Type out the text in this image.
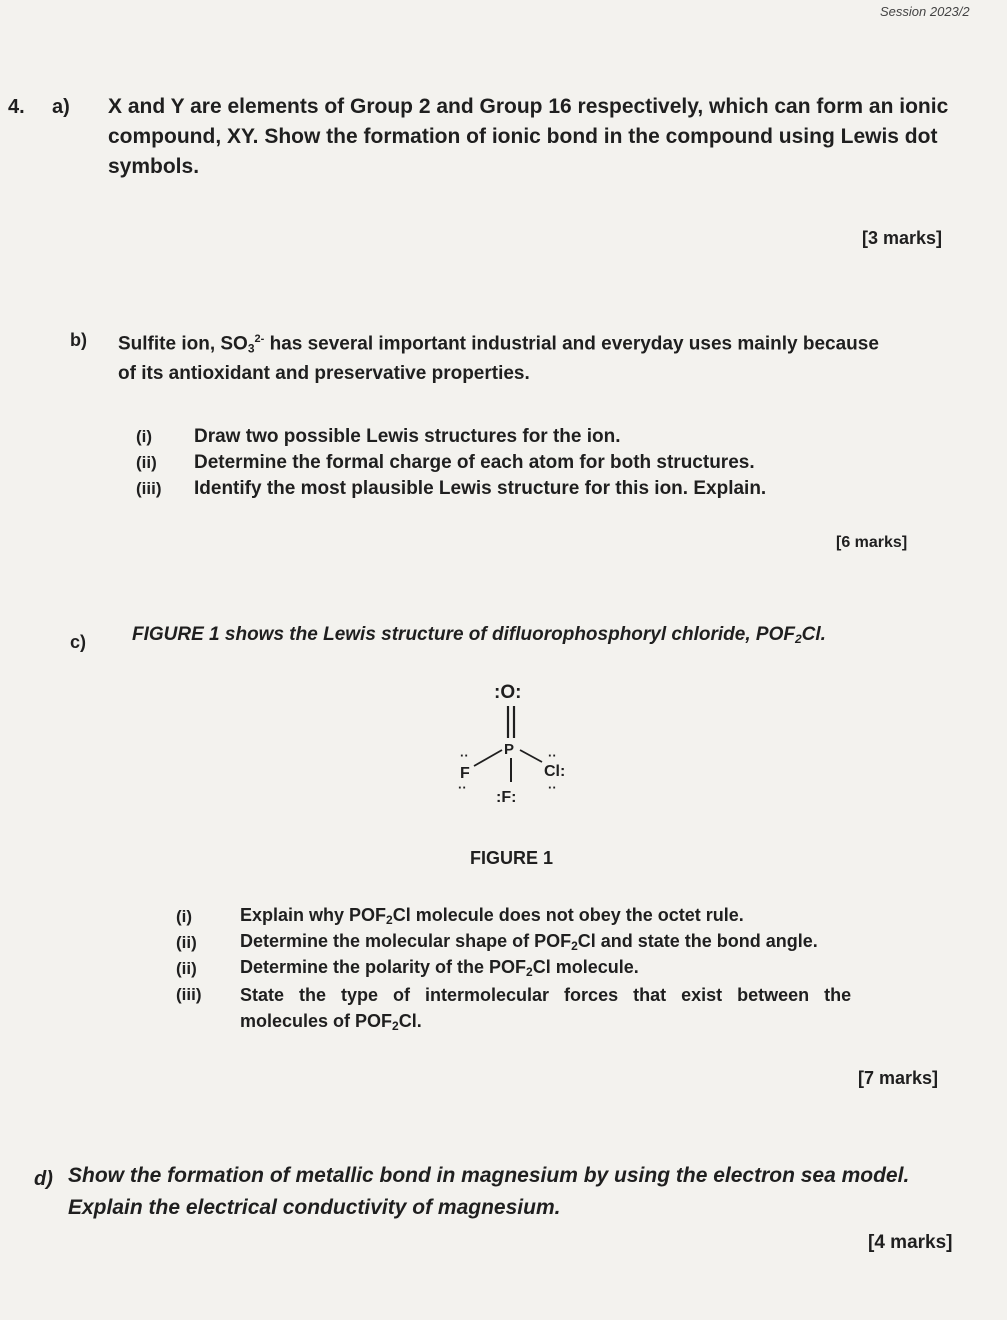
Session 2023/2
4. a) X and Y are elements of Group 2 and Group 16 respectively, which can form an ionic
compound, XY. Show the formation of ionic bond in the compound using Lewis dot
symbols.
[3 marks]
b) Sulfite ion, $SO_3^{2-}$ has several important industrial and everyday uses mainly because
of its antioxidant and preservative properties.
(i)	Draw two possible Lewis structures for the ion.
(ii)	Determine the formal charge of each atom for both structures.
(iii)	Identify the most plausible Lewis structure for this ion. Explain.
[6 marks]
c) FIGURE 1 shows the Lewis structure of difluorophosphoryl chloride, $POF_2Cl$.
:O:
P
··
F
··
:F:
··
Cl:
··
FIGURE 1
(i)	Explain why $POF_2Cl$ molecule does not obey the octet rule.
(ii)	Determine the molecular shape of $POF_2Cl$ and state the bond angle.
(ii)	Determine the polarity of the $POF_2Cl$ molecule.
(iii)	State the type of intermolecular forces that exist between the
molecules of $POF_2Cl$.
[7 marks]
d) Show the formation of metallic bond in magnesium by using the electron sea model.
Explain the electrical conductivity of magnesium.
[4 marks]
